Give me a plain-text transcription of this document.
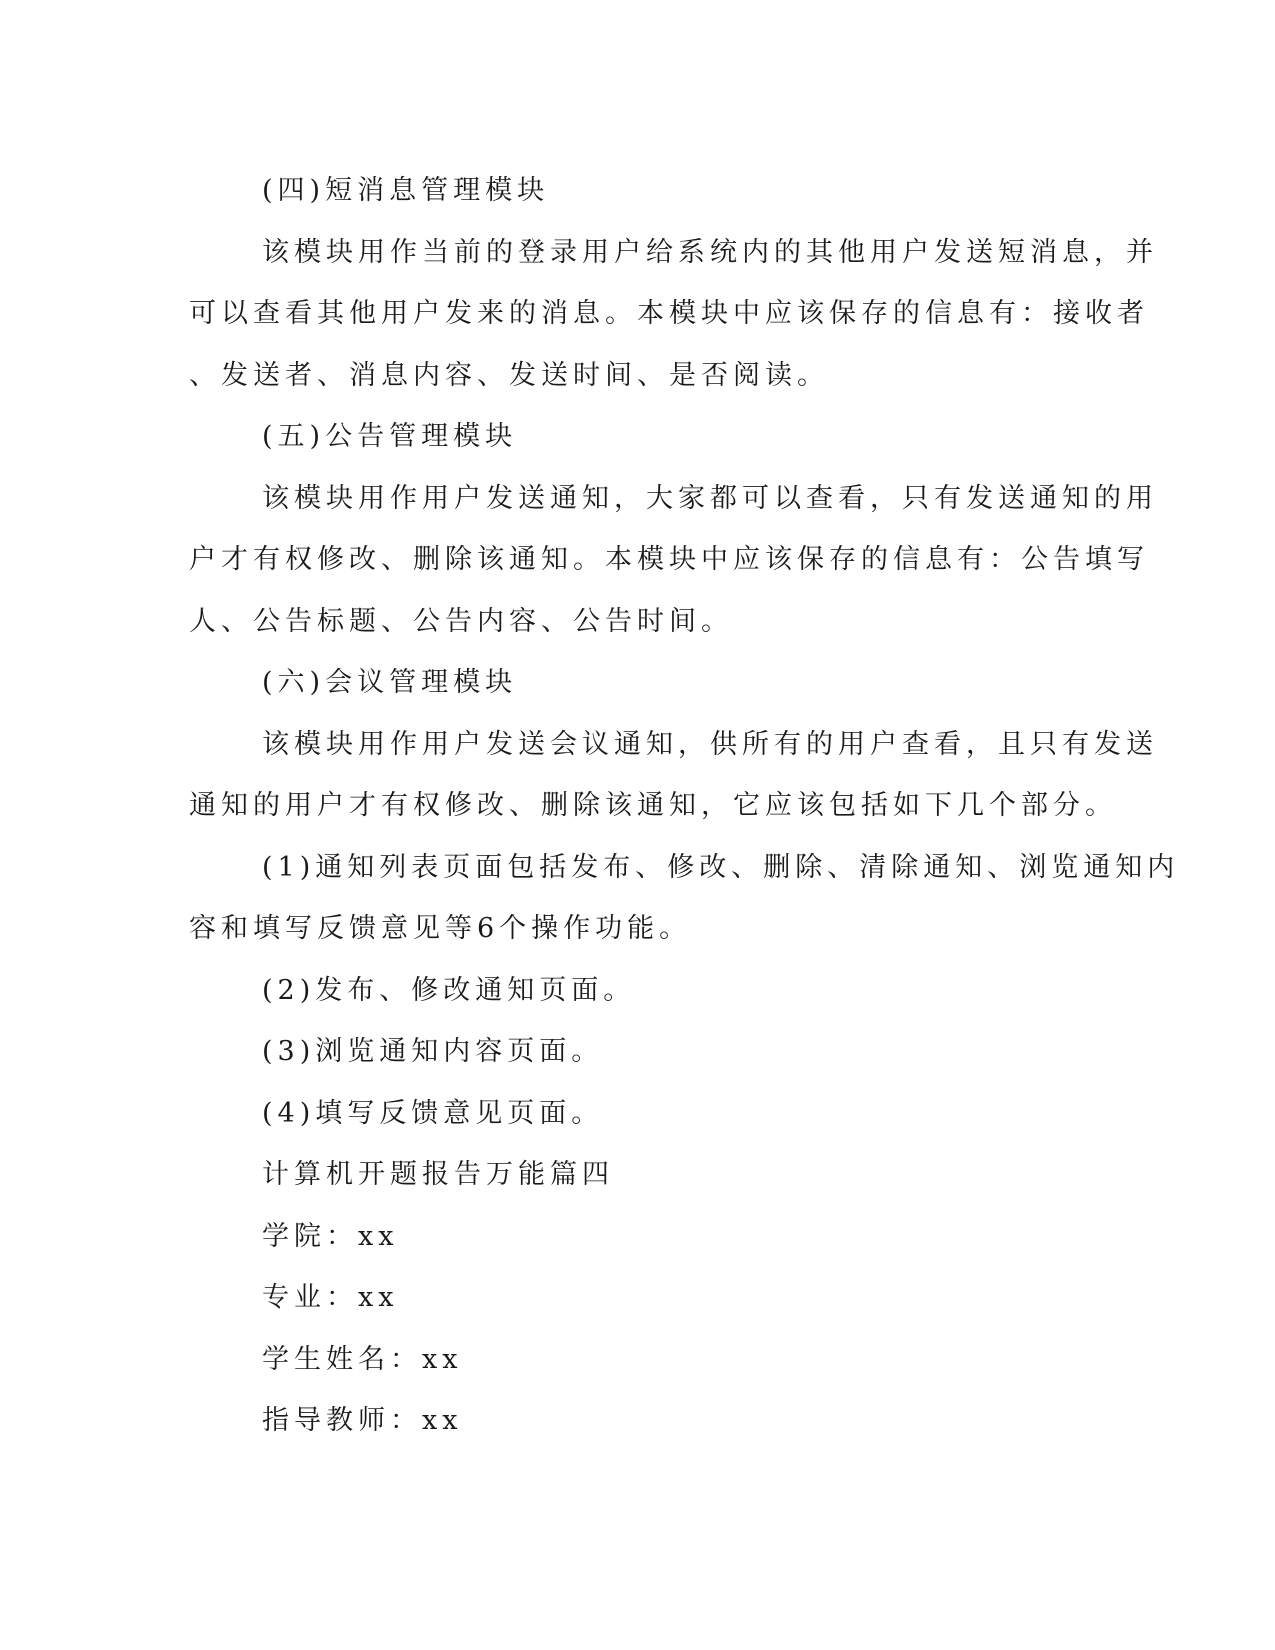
(四)短消息管理模块
该模块用作当前的登录用户给系统内的其他用户发送短消息，并
可以查看其他用户发来的消息。本模块中应该保存的信息有：接收者
、发送者、消息内容、发送时间、是否阅读。
(五)公告管理模块
该模块用作用户发送通知，大家都可以查看，只有发送通知的用
户才有权修改、删除该通知。本模块中应该保存的信息有：公告填写
人、公告标题、公告内容、公告时间。
(六)会议管理模块
该模块用作用户发送会议通知，供所有的用户查看，且只有发送
通知的用户才有权修改、删除该通知，它应该包括如下几个部分。
(1)通知列表页面包括发布、修改、删除、清除通知、浏览通知内
容和填写反馈意见等6个操作功能。
(2)发布、修改通知页面。
(3)浏览通知内容页面。
(4)填写反馈意见页面。
计算机开题报告万能篇四
学院：xx
专业：xx
学生姓名：xx
指导教师：xx
